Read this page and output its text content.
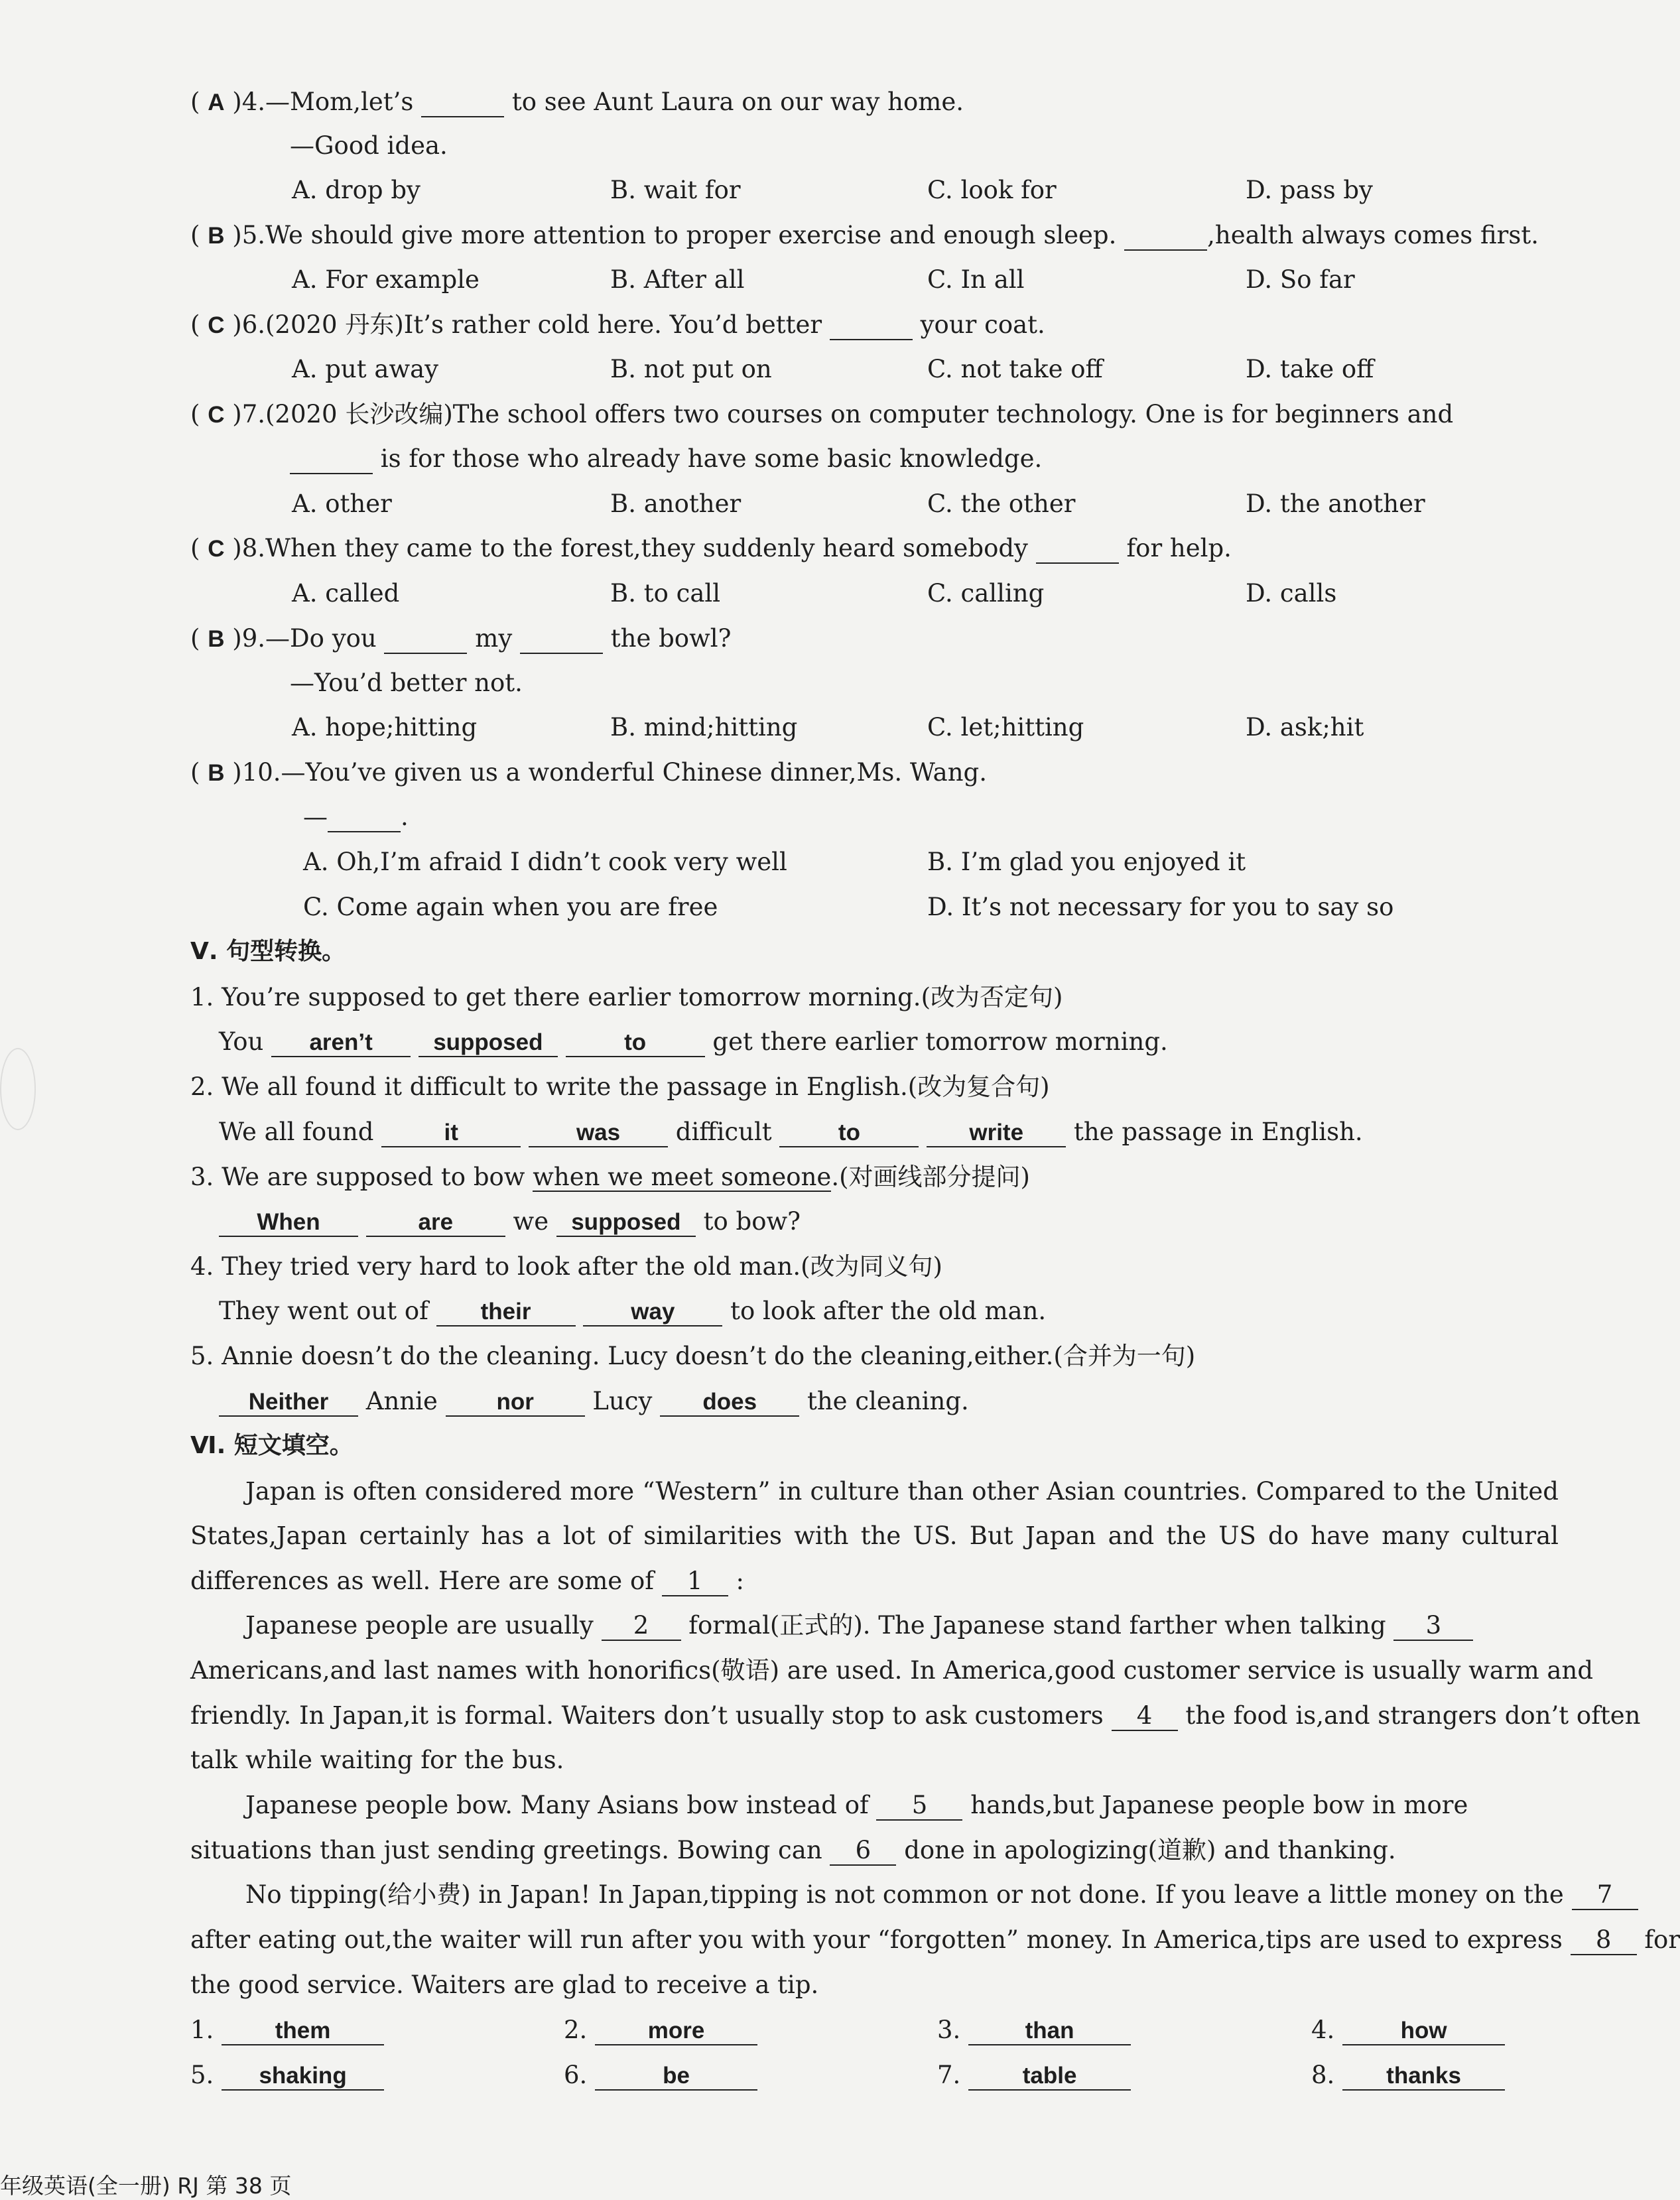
( A )4.—Mom,let’s	to see Aunt Laura on our way home.
—Good idea.
A. drop by	B. wait for	C. look for	D. pass by
( B )5.We should give more attention to proper exercise and enough sleep.	,health always comes first.
A. For example	B. After all	C. In all	D. So far
( C )6.(2020 丹东)It’s rather cold here. You’d better	your coat.
A. put away	B. not put on	C. not take off	D. take off
( C )7.(2020 长沙改编)The school offers two courses on computer technology. One is for beginners and
is for those who already have some basic knowledge.
A. other	B. another	C. the other	D. the another
( C )8.When they came to the forest,they suddenly heard somebody	for help.
A. called	B. to call	C. calling	D. calls
( B )9.—Do you	my	the bowl?
—You’d better not.
A. hope;hitting	B. mind;hitting	C. let;hitting	D. ask;hit
( B )10.—You’ve given us a wonderful Chinese dinner,Ms. Wang.
—	.
A. Oh,I’m afraid I didn’t cook very well	B. I’m glad you enjoyed it
C. Come again when you are free	D. It’s not necessary for you to say so
Ⅴ. 句型转换。
1. You’re supposed to get there earlier tomorrow morning.(改为否定句)
You aren’t	supposed	to	get there earlier tomorrow morning.
2. We all found it difficult to write the passage in English.(改为复合句)
We all found	it	was difficult	to	write the passage in English.
3. We are supposed to bow when we meet someone.(对画线部分提问)
When	are we supposed to bow?
4. They tried very hard to look after the old man.(改为同义句)
They went out of their	way to look after the old man.
5. Annie doesn’t do the cleaning. Lucy doesn’t do the cleaning,either.(合并为一句)
Neither Annie	nor Lucy does the cleaning.
Ⅵ. 短文填空。
Japan is often considered more “Western” in culture than other Asian countries. Compared to the United
States,Japan certainly has a lot of similarities with the US. But Japan and the US do have many cultural
differences as well. Here are some of 1 :
Japanese people are usually 2 formal(正式的). The Japanese stand farther when talking 3
Americans,and last names with honorifics(敬语) are used. In America,good customer service is usually warm and
friendly. In Japan,it is formal. Waiters don’t usually stop to ask customers 4 the food is,and strangers don’t often
talk while waiting for the bus.
Japanese people bow. Many Asians bow instead of 5 hands,but Japanese people bow in more
situations than just sending greetings. Bowing can 6 done in apologizing(道歉) and thanking.
No tipping(给小费) in Japan! In Japan,tipping is not common or not done. If you leave a little money on the 7
after eating out,the waiter will run after you with your “forgotten” money. In America,tips are used to express 8 for
the good service. Waiters are glad to receive a tip.
1.	them	2.	more	3.	than	4.	how
5. shaking	6.	be	7.	table	8. thanks
年级英语(全一册) RJ 第 38 页
